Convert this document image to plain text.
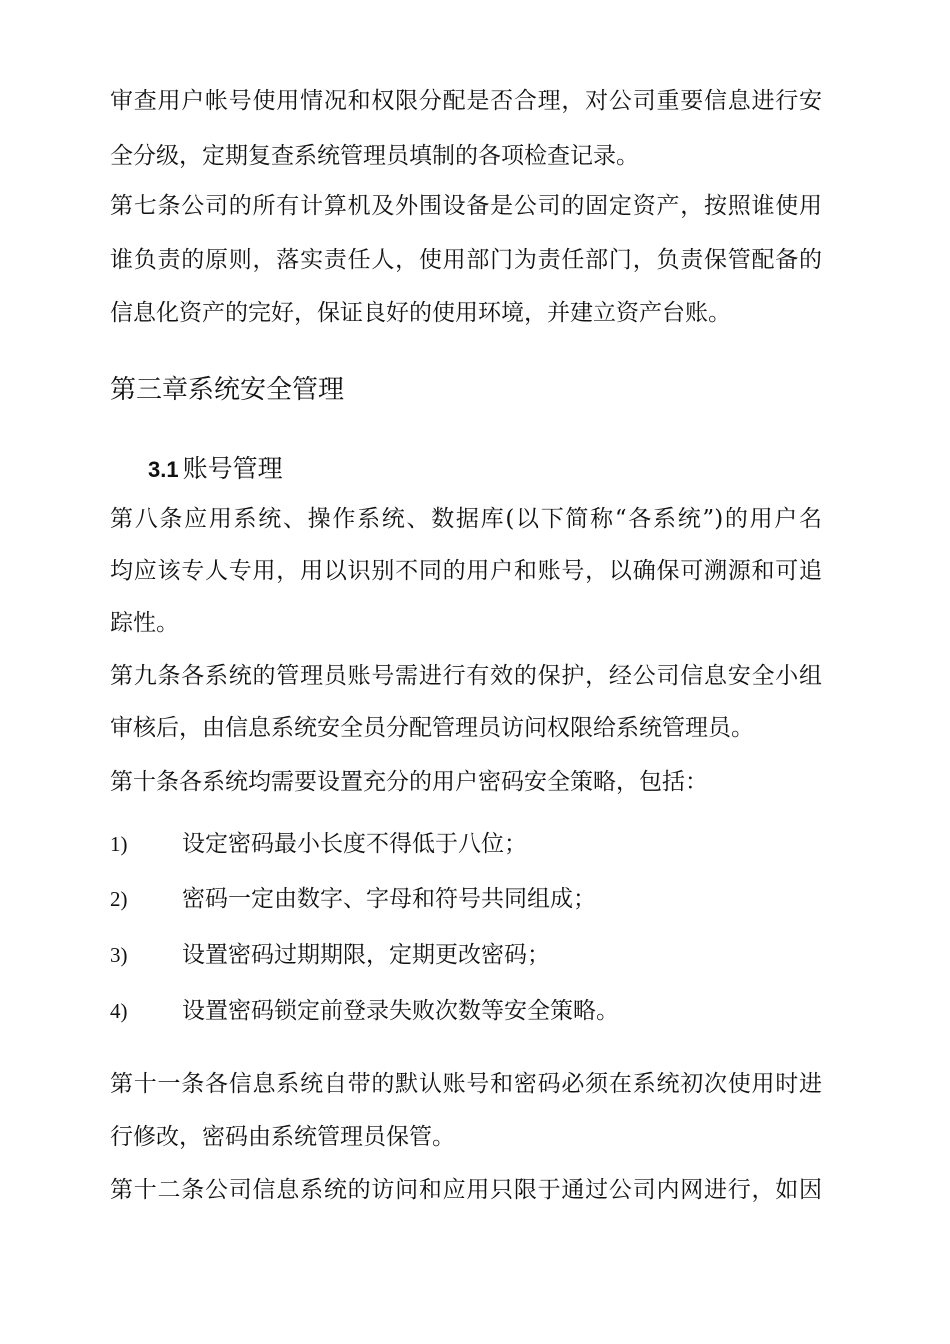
审查用户帐号使用情况和权限分配是否合理，对公司重要信息进行安
全分级，定期复查系统管理员填制的各项检查记录。
第七条公司的所有计算机及外围设备是公司的固定资产，按照谁使用
谁负责的原则，落实责任人，使用部门为责任部门，负责保管配备的
信息化资产的完好，保证良好的使用环境，并建立资产台账。
第三章系统安全管理
3.1 账号管理
第八条应用系统、操作系统、数据库(以下简称“各系统”)的用户名
均应该专人专用，用以识别不同的用户和账号，以确保可溯源和可追
踪性。
第九条各系统的管理员账号需进行有效的保护，经公司信息安全小组
审核后，由信息系统安全员分配管理员访问权限给系统管理员。
第十条各系统均需要设置充分的用户密码安全策略，包括：
1) 设定密码最小长度不得低于八位；
2) 密码一定由数字、字母和符号共同组成；
3) 设置密码过期期限，定期更改密码；
4) 设置密码锁定前登录失败次数等安全策略。
第十一条各信息系统自带的默认账号和密码必须在系统初次使用时进
行修改，密码由系统管理员保管。
第十二条公司信息系统的访问和应用只限于通过公司内网进行，如因
